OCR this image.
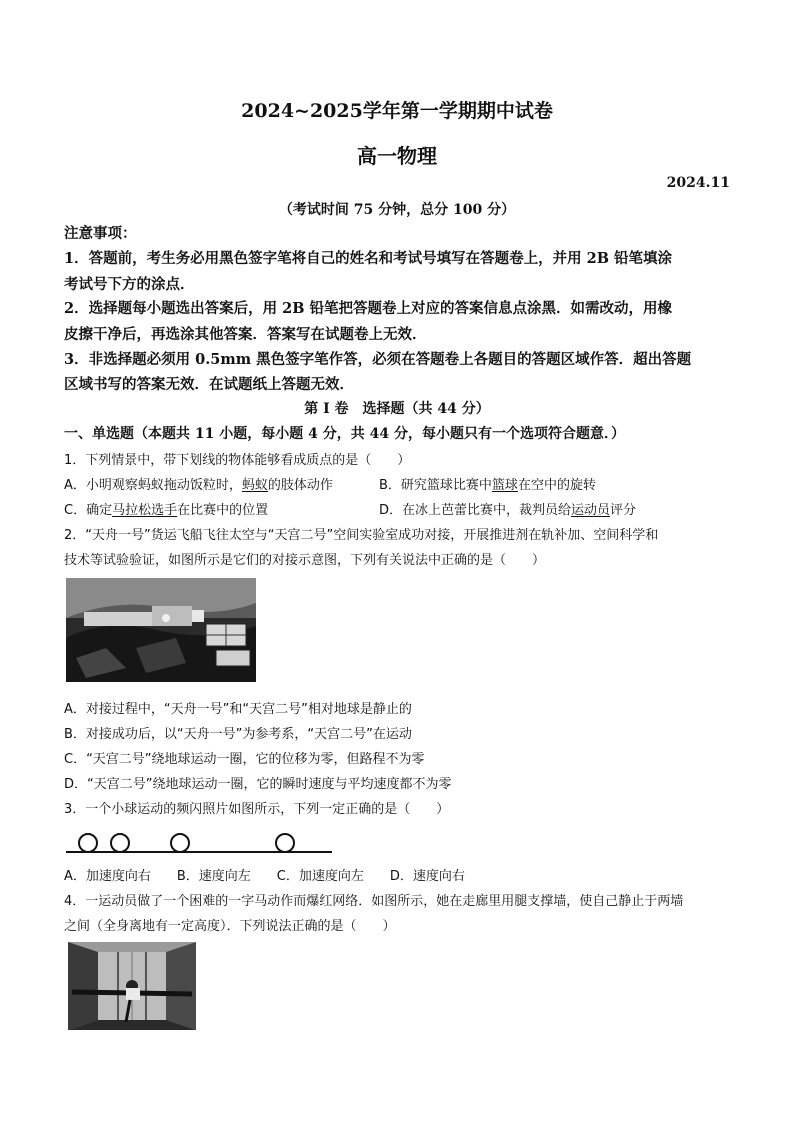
2024~2025学年第一学期期中试卷
高一物理
2024.11
（考试时间 75 分钟，总分 100 分）
注意事项：
1．答题前，考生务必用黑色签字笔将自己的姓名和考试号填写在答题卷上，并用 2B 铅笔填涂
考试号下方的涂点．
2．选择题每小题选出答案后，用 2B 铅笔把答题卷上对应的答案信息点涂黑．如需改动，用橡
皮擦干净后，再选涂其他答案．答案写在试题卷上无效．
3．非选择题必须用 0.5mm 黑色签字笔作答，必须在答题卷上各题目的答题区域作答．超出答题
区域书写的答案无效．在试题纸上答题无效．
第 I 卷　选择题（共 44 分）
一、单选题（本题共 11 小题，每小题 4 分，共 44 分，每小题只有一个选项符合题意．）
1．下列情景中，带下划线的物体能够看成质点的是（　　）
A．小明观察蚂蚁拖动饭粒时，蚂蚁的肢体动作	B．研究篮球比赛中篮球在空中的旋转
C．确定马拉松选手在比赛中的位置	D．在冰上芭蕾比赛中，裁判员给运动员评分
2．“天舟一号”货运飞船飞往太空与“天宫二号”空间实验室成功对接，开展推进剂在轨补加、空间科学和
技术等试验验证，如图所示是它们的对接示意图，下列有关说法中正确的是（　　）
A．对接过程中，“天舟一号”和“天宫二号”相对地球是静止的
B．对接成功后，以“天舟一号”为参考系，“天宫二号”在运动
C．“天宫二号”绕地球运动一圈，它的位移为零，但路程不为零
D．“天宫二号”绕地球运动一圈，它的瞬时速度与平均速度都不为零
3．一个小球运动的频闪照片如图所示，下列一定正确的是（　　）
A．加速度向右　　B．速度向左　　C．加速度向左　　D．速度向右
4．一运动员做了一个困难的一字马动作而爆红网络．如图所示，她在走廊里用腿支撑墙，使自己静止于两墙
之间（全身离地有一定高度）．下列说法正确的是（　　）
